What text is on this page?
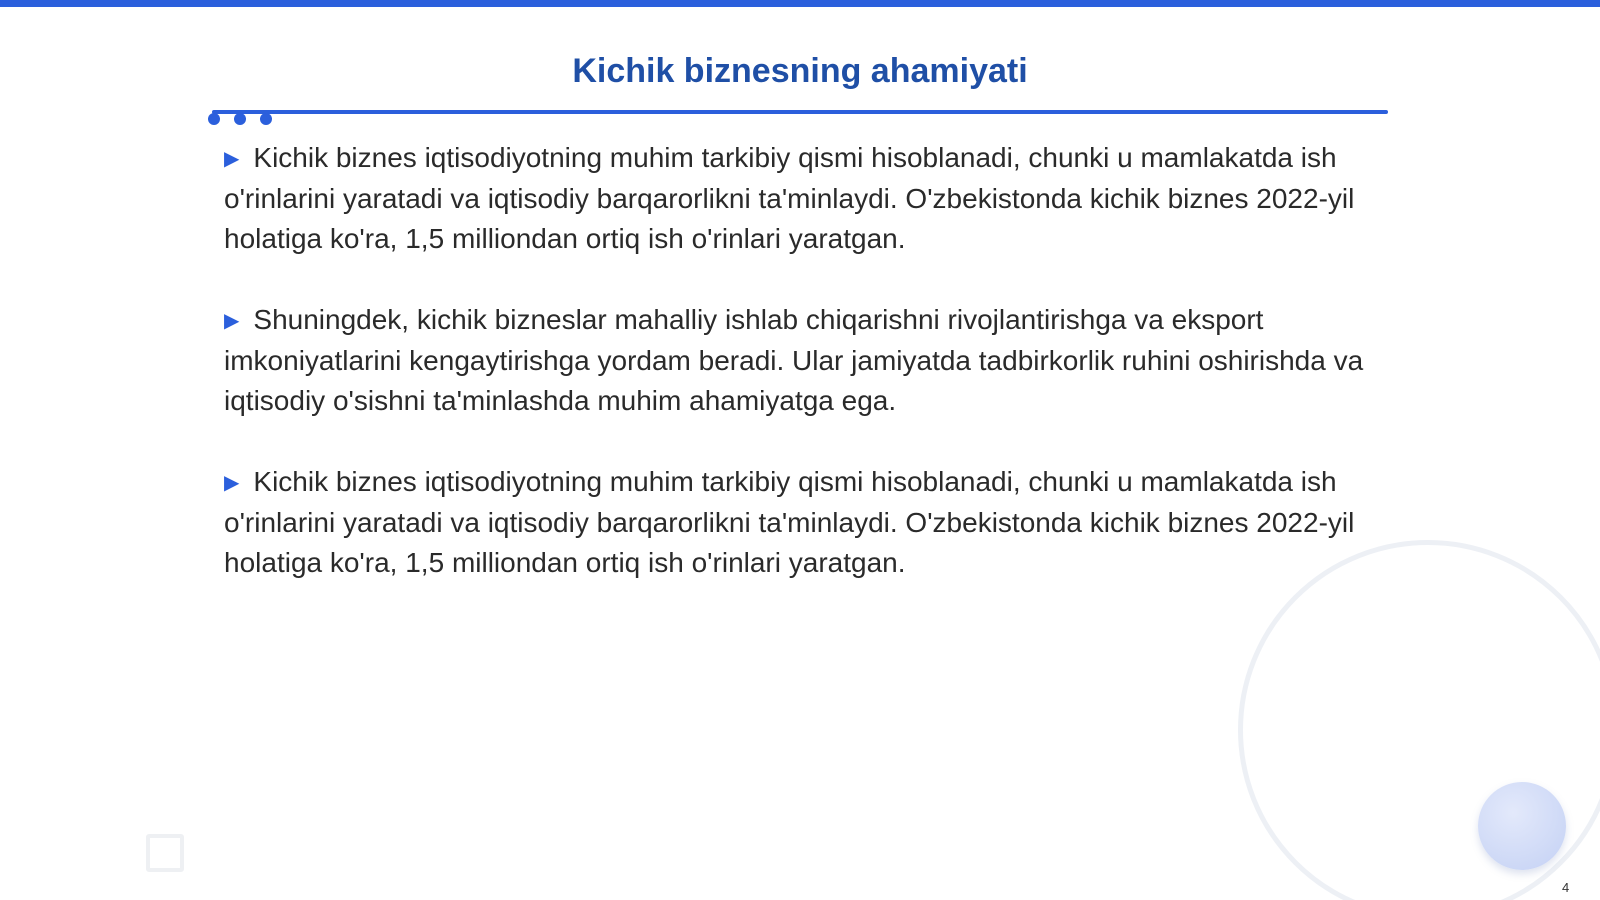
Kichik biznesning ahamiyati

▶ Kichik biznes iqtisodiyotning muhim tarkibiy qismi hisoblanadi, chunki u mamlakatda ish o'rinlarini yaratadi va iqtisodiy barqarorlikni ta'minlaydi. O'zbekistonda kichik biznes 2022-yil holatiga ko'ra, 1,5 milliondan ortiq ish o'rinlari yaratgan.

▶ Shuningdek, kichik bizneslar mahalliy ishlab chiqarishni rivojlantirishga va eksport imkoniyatlarini kengaytirishga yordam beradi. Ular jamiyatda tadbirkorlik ruhini oshirishda va iqtisodiy o'sishni ta'minlashda muhim ahamiyatga ega.

▶ Kichik biznes iqtisodiyotning muhim tarkibiy qismi hisoblanadi, chunki u mamlakatda ish o'rinlarini yaratadi va iqtisodiy barqarorlikni ta'minlaydi. O'zbekistonda kichik biznes 2022-yil holatiga ko'ra, 1,5 milliondan ortiq ish o'rinlari yaratgan.

4
